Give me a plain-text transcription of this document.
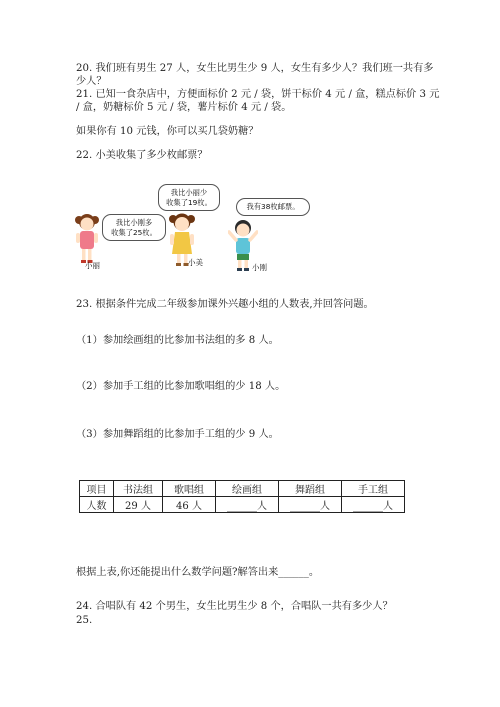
20. 我们班有男生 27 人，女生比男生少 9 人，女生有多少人？我们班一共有多
少人？
21. 已知一食杂店中，方便面标价 2 元 / 袋，饼干标价 4 元 / 盒，糕点标价 3 元
/ 盒，奶糖标价 5 元 / 袋，薯片标价 4 元 / 袋。
如果你有 10 元钱，你可以买几袋奶糖？
22. 小美收集了多少枚邮票？
我比小刚多
收集了25枚。
小丽
我比小丽少
收集了19枚。
小美
我有38枚邮票。
小刚
23. 根据条件完成二年级参加课外兴趣小组的人数表,并回答问题。
（1）参加绘画组的比参加书法组的多 8 人。
（2）参加手工组的比参加歌唱组的少 18 人。
（3）参加舞蹈组的比参加手工组的少 9 人。
项目	书法组	歌唱组	绘画组	舞蹈组	手工组
人数	29 人	46 人	______人	______人	______人
根据上表,你还能提出什么数学问题?解答出来______。
24. 合唱队有 42 个男生，女生比男生少 8 个，合唱队一共有多少人？
25.
